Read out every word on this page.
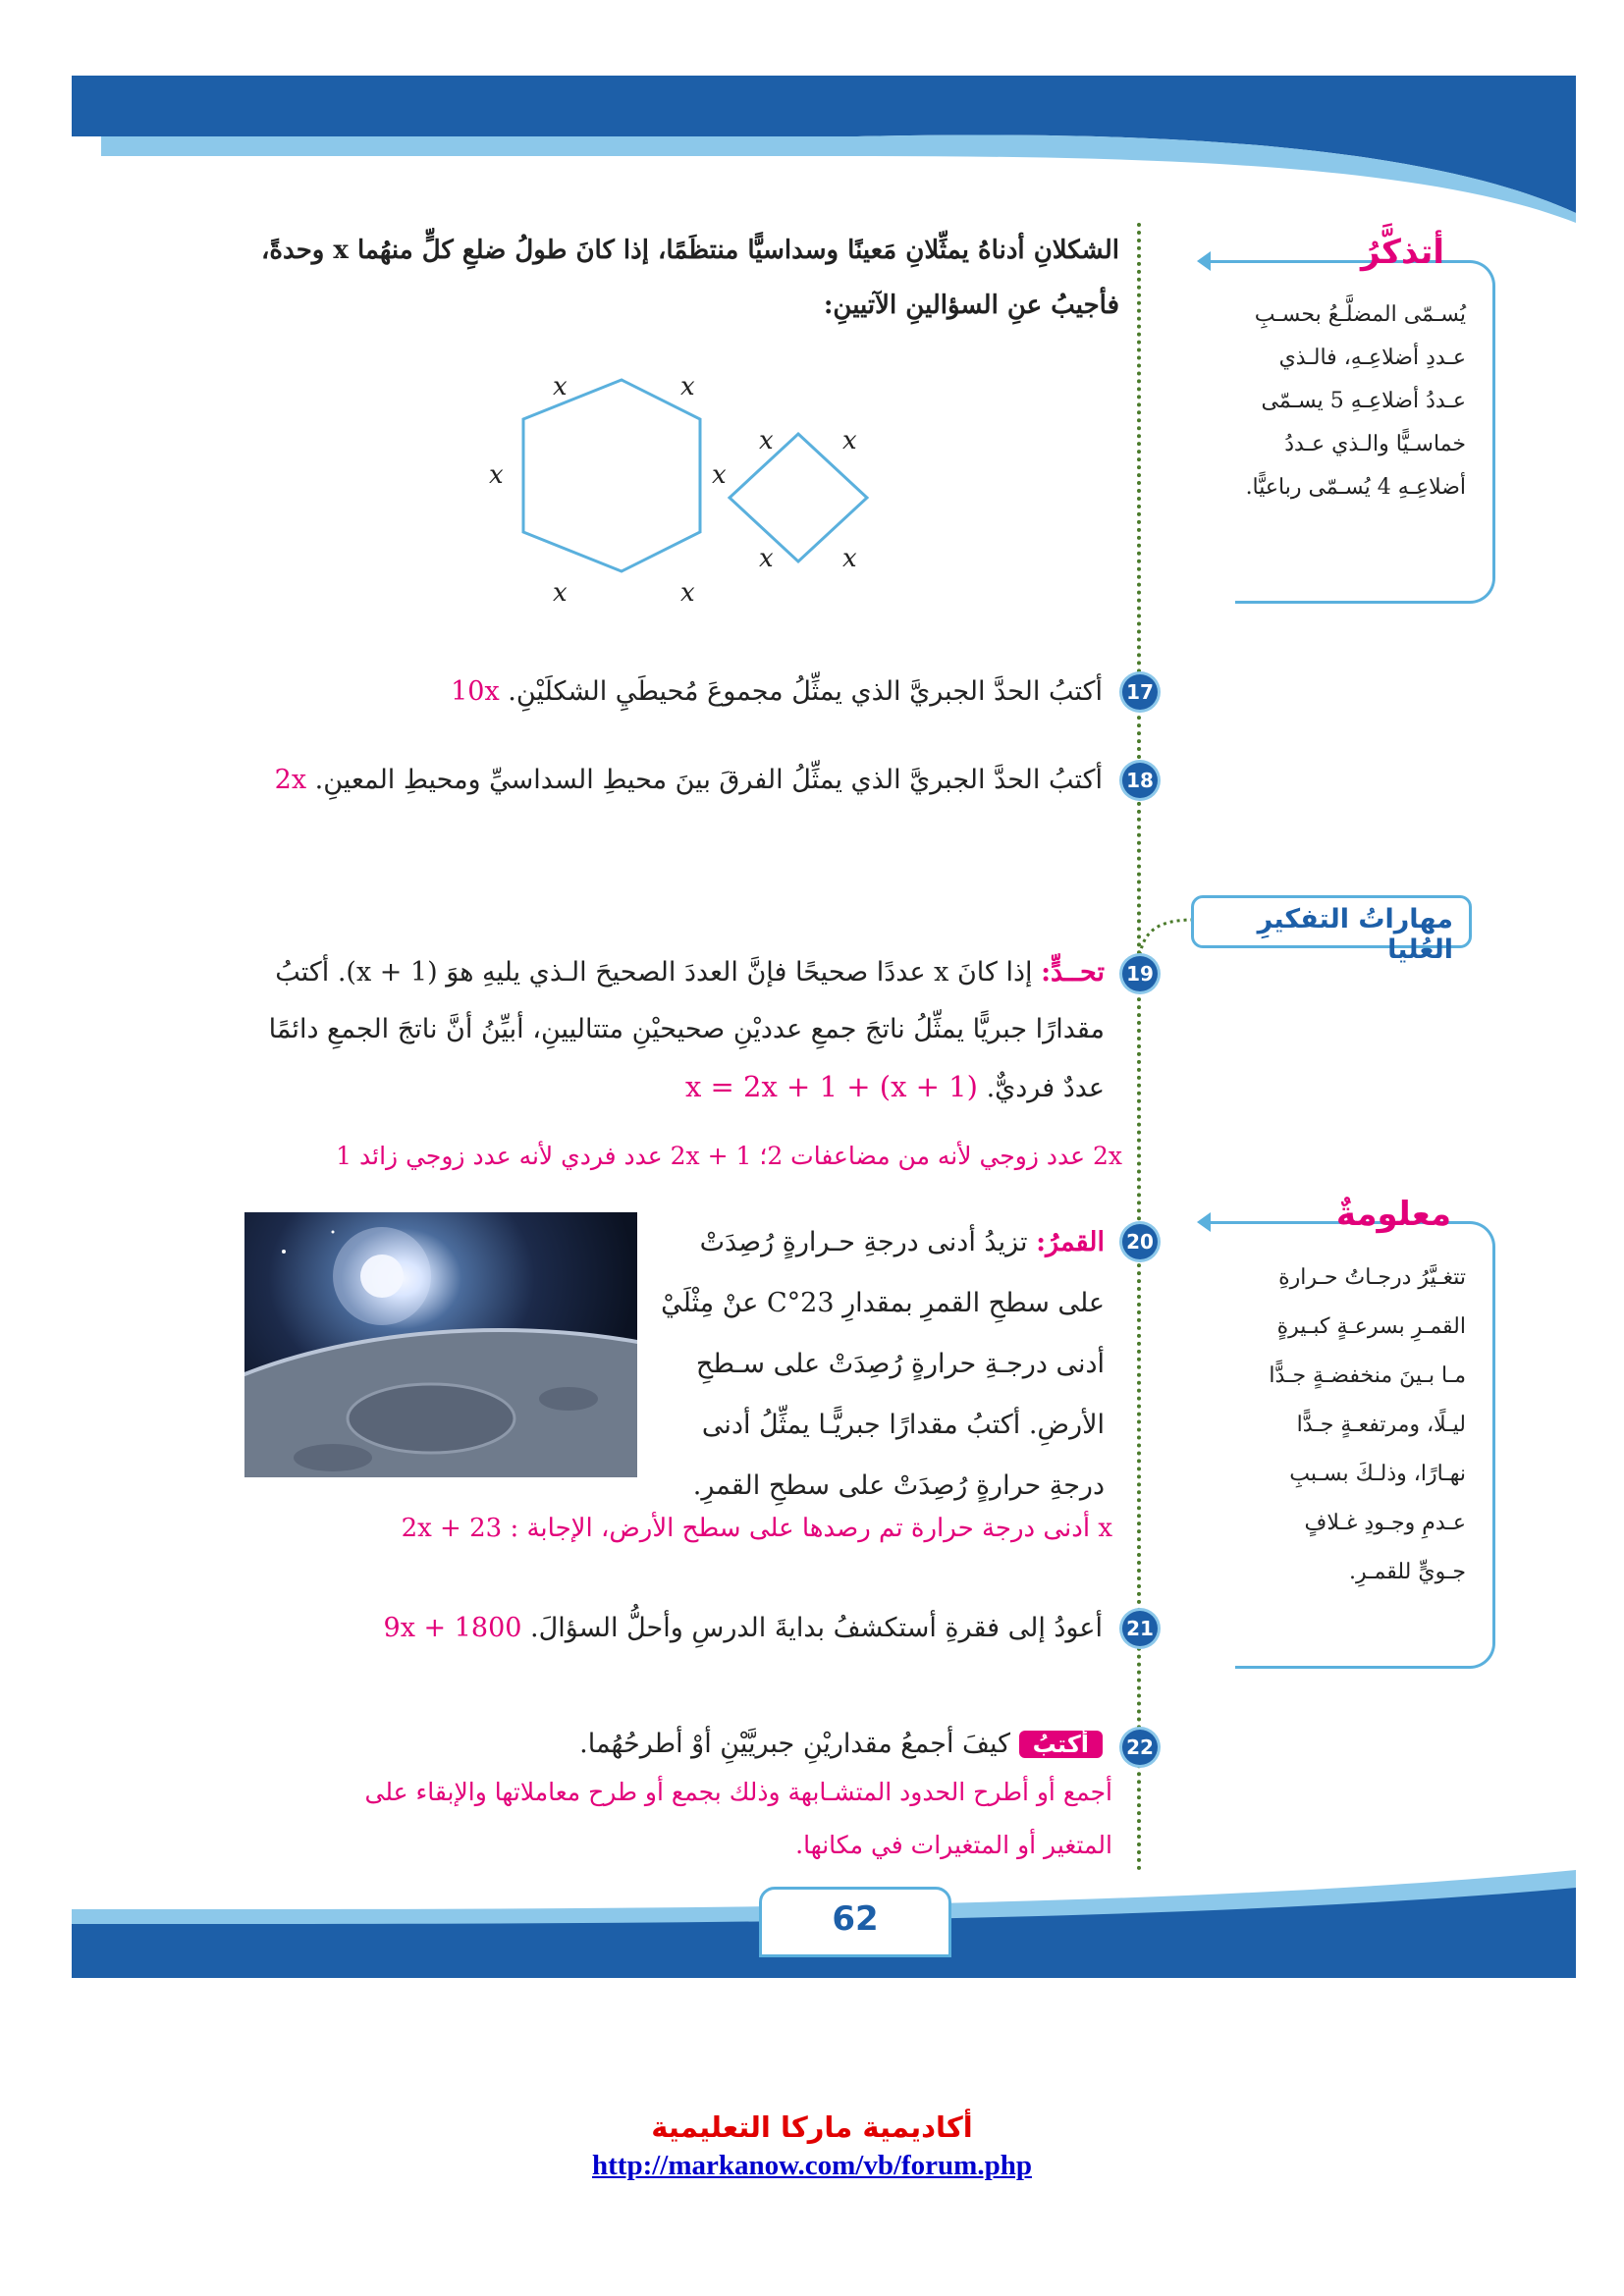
أتذكَّرُ
يُسـمّى المضلَّـعُ بحسـبِ
عـددِ أضلاعِـهِ، فالـذي
عـددُ أضلاعِـهِ 5 يسـمّى
خماسـيًّا والـذي عـددُ
أضلاعِـهِ 4 يُسـمّى رباعيًّا.
الشكلانِ أدناهُ يمثِّلانِ مَعينًا وسداسيًّا منتظَمًا، إذا كانَ طولُ ضلعِ كلٍّ منهُما x وحدةً،
فأجيبُ عنِ السؤالينِ الآتيينِ:
x	x
x	x
x	x
x	x
x	x
17
أكتبُ الحدَّ الجبريَّ الذي يمثِّلُ مجموعَ مُحيطَيِ الشكلَيْنِ. 10x
18
أكتبُ الحدَّ الجبريَّ الذي يمثِّلُ الفرقَ بينَ محيطِ السداسيِّ ومحيطِ المعينِ. 2x
مهاراتُ التفكيرِ العُليا
19
تحــدٍّ: إذا كانَ x عددًا صحيحًا فإنَّ العددَ الصحيحَ الـذي يليهِ هوَ (x + 1). أكتبُ
مقدارًا جبريًّا يمثِّلُ ناتجَ جمعِ عدديْنِ صحيحيْنِ متتاليينِ، أبيِّنُ أنَّ ناتجَ الجمعِ دائمًا
عددٌ فرديٌّ. (x + 1) + x = 2x + 1
2x عدد زوجي لأنه من مضاعفات 2؛ 1 + 2x عدد فردي لأنه عدد زوجي زائد 1
معلومةٌ
تتغـيَّرُ درجـاتُ حـرارةِ
القمـرِ بسرعـةٍ كبـيرةٍ
مـا بـينَ منخفضـةٍ جـدًّا
ليـلًا، ومرتفعـةٍ جـدًّا
نهـارًا، وذلـكَ بسـببِ
عـدمِ وجـودِ غـلافٍ
جـويٍّ للقمـرِ.
20
القمرُ: تزيدُ أدنى درجةِ حـرارةٍ رُصِدَتْ
على سطحِ القمرِ بمقدارِ 23°C عنْ مِثْلَيْ
أدنى درجـةِ حرارةٍ رُصِدَتْ على سـطحِ
الأرضِ. أكتبُ مقدارًا جبريًّـا يمثِّلُ أدنى
درجةِ حرارةٍ رُصِدَتْ على سطحِ القمرِ.
x أدنى درجة حرارة تم رصدها على سطح الأرض، الإجابة : 2x + 23
21
أعودُ إلى فقرةِ أستكشفُ بدايةَ الدرسِ وأحلُّ السؤالَ. 9x + 1800
22
أكتبُ كيفَ أجمعُ مقداريْنِ جبريَّيْنِ أوْ أطرحُهُما.
أجمع أو أطرح الحدود المتشـابهة وذلك بجمع أو طرح معاملاتها والإبقاء على
المتغير أو المتغيرات في مكانها.
62
أكاديمية ماركا التعليمية
http://markanow.com/vb/forum.php
